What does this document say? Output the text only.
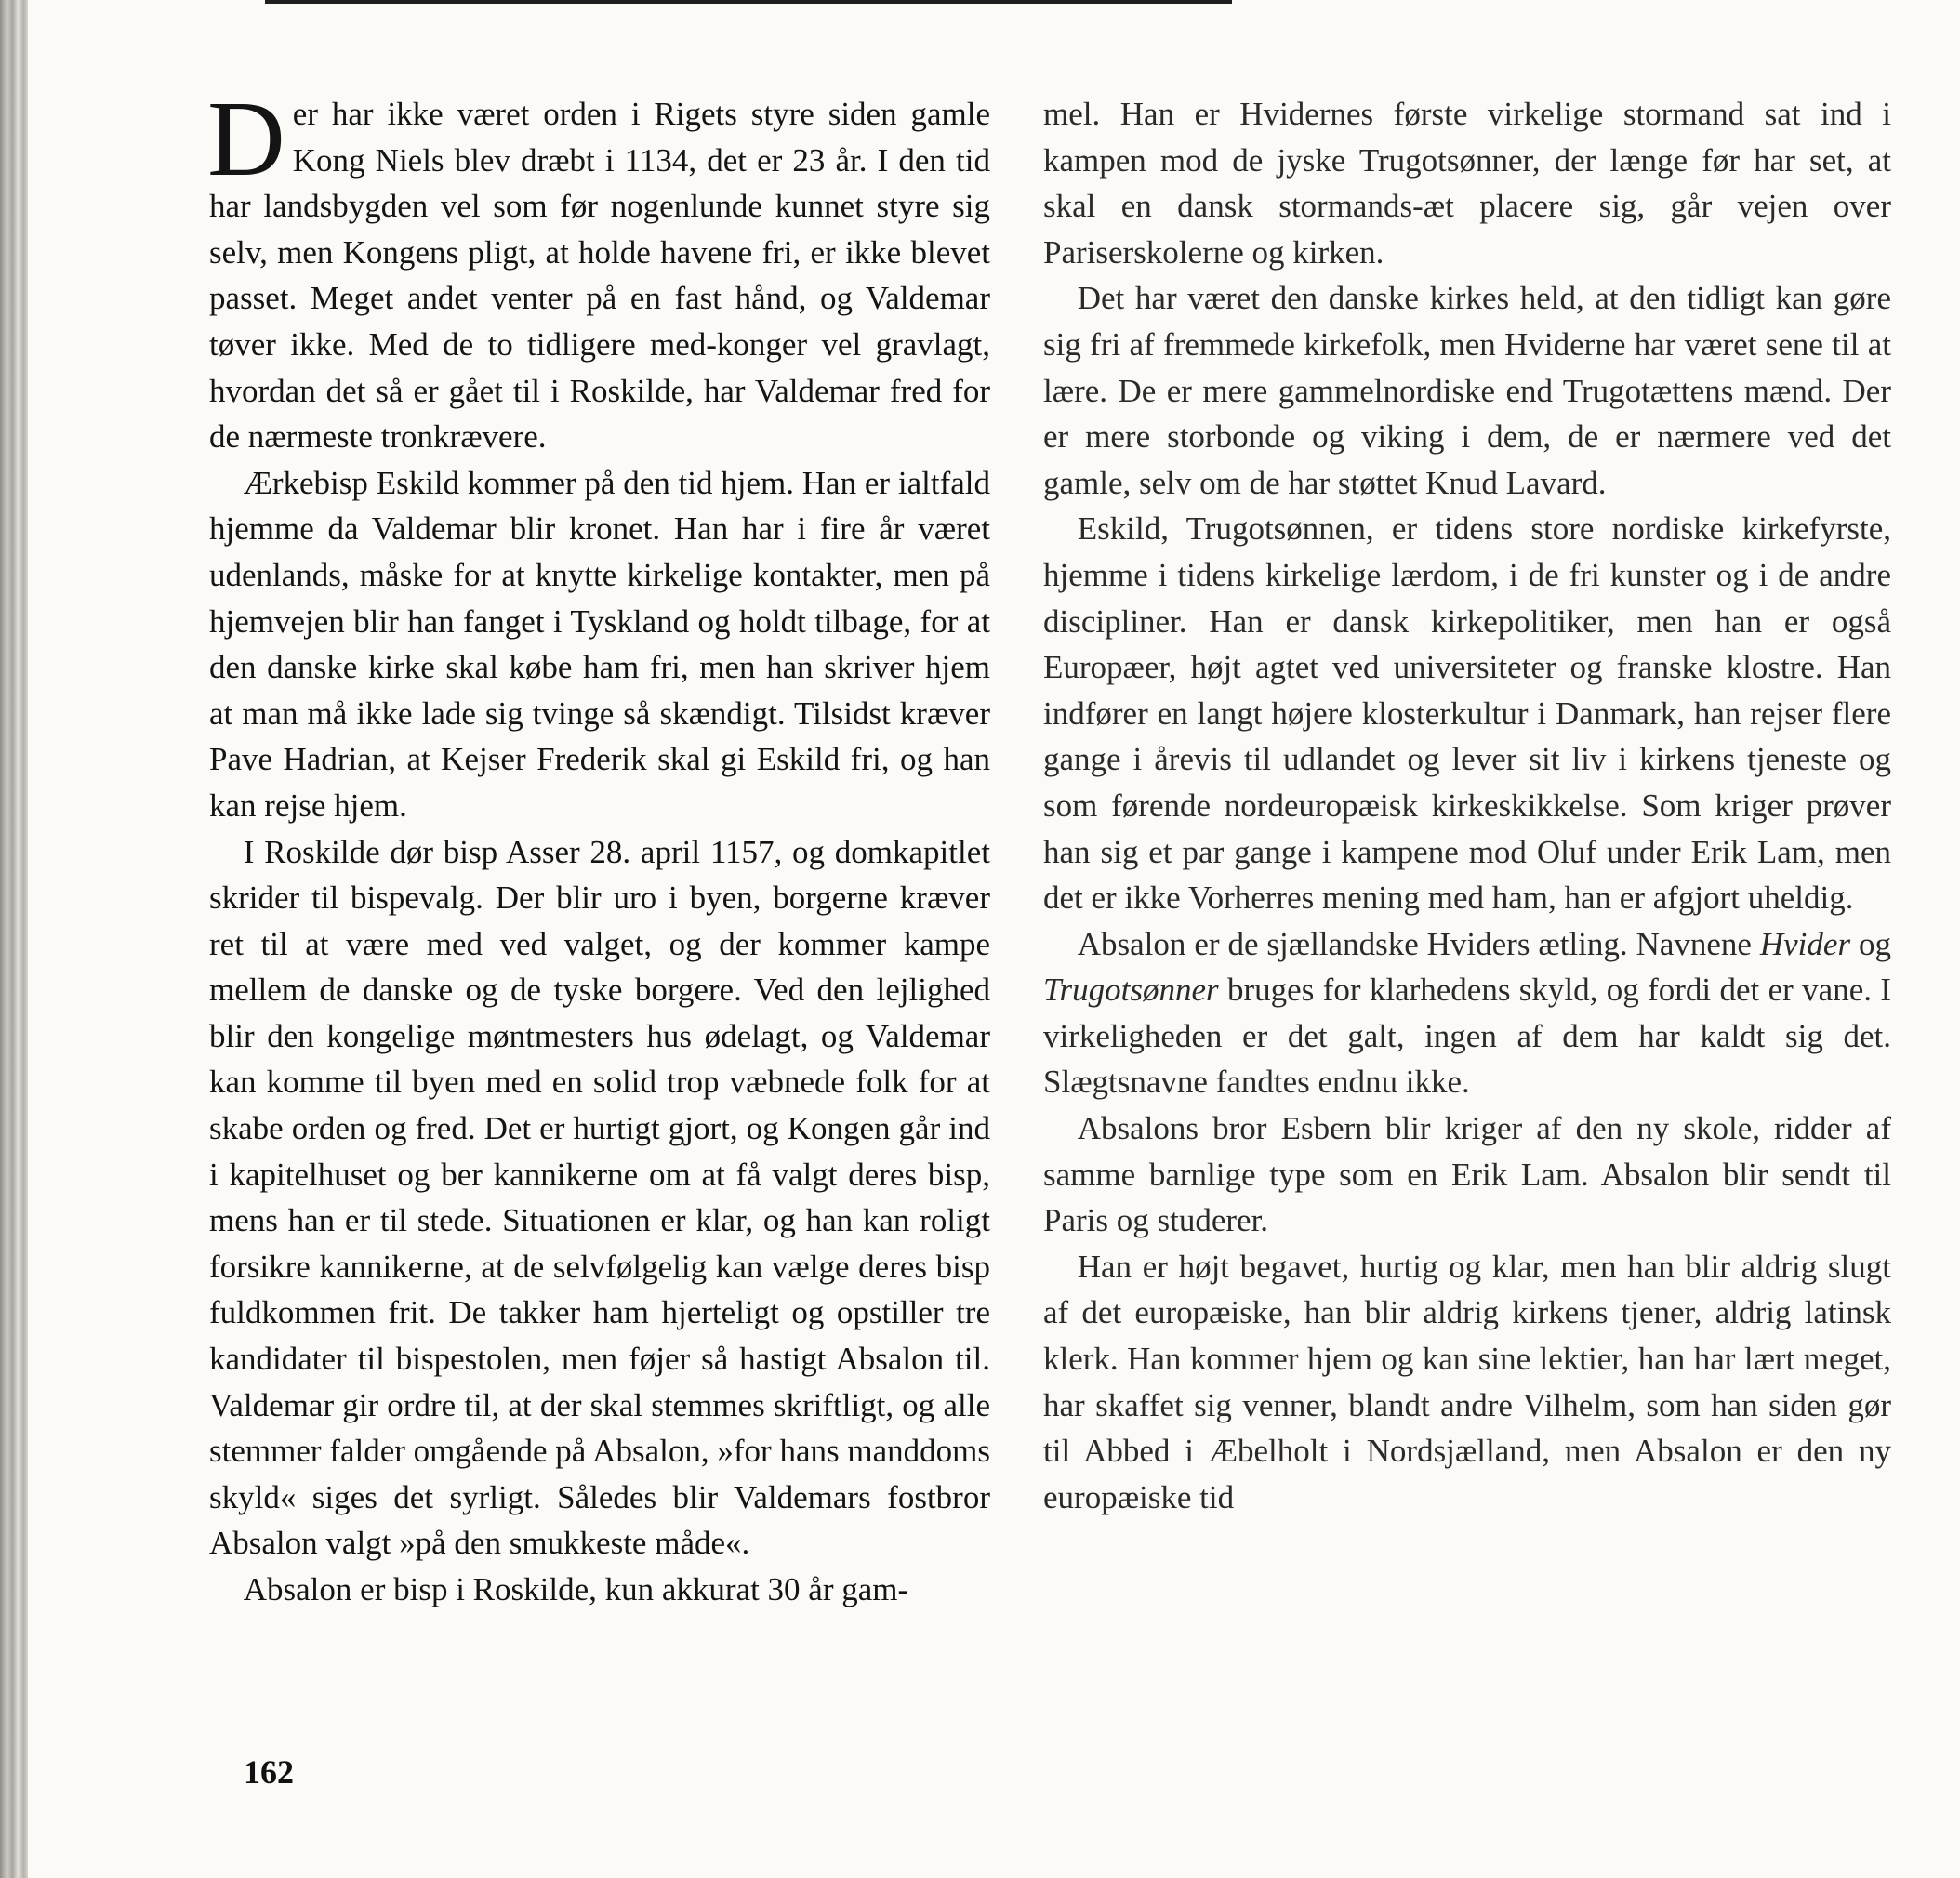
Der har ikke været orden i Rigets styre siden gamle Kong Niels blev dræbt i 1134, det er 23 år. I den tid har landsbygden vel som før nogenlunde kunnet styre sig selv, men Kongens pligt, at holde havene fri, er ikke blevet passet. Meget andet venter på en fast hånd, og Valdemar tøver ikke. Med de to tidligere med-konger vel gravlagt, hvordan det så er gået til i Roskilde, har Valdemar fred for de nærmeste tronkrævere.

Ærkebisp Eskild kommer på den tid hjem. Han er ialtfald hjemme da Valdemar blir kronet. Han har i fire år været udenlands, måske for at knytte kirkelige kontakter, men på hjemvejen blir han fanget i Tyskland og holdt tilbage, for at den danske kirke skal købe ham fri, men han skriver hjem at man må ikke lade sig tvinge så skændigt. Tilsidst kræver Pave Hadrian, at Kejser Frederik skal gi Eskild fri, og han kan rejse hjem.

I Roskilde dør bisp Asser 28. april 1157, og domkapitlet skrider til bispevalg. Der blir uro i byen, borgerne kræver ret til at være med ved valget, og der kommer kampe mellem de danske og de tyske borgere. Ved den lejlighed blir den kongelige møntmesters hus ødelagt, og Valdemar kan komme til byen med en solid trop væbnede folk for at skabe orden og fred. Det er hurtigt gjort, og Kongen går ind i kapitelhuset og ber kannikerne om at få valgt deres bisp, mens han er til stede. Situationen er klar, og han kan roligt forsikre kannikerne, at de selvfølgelig kan vælge deres bisp fuldkommen frit. De takker ham hjerteligt og opstiller tre kandidater til bispestolen, men føjer så hastigt Absalon til. Valdemar gir ordre til, at der skal stemmes skriftligt, og alle stemmer falder omgående på Absalon, »for hans manddoms skyld« siges det syrligt. Således blir Valdemars fostbror Absalon valgt »på den smukkeste måde«.

Absalon er bisp i Roskilde, kun akkurat 30 år gam-

mel. Han er Hvidernes første virkelige stormand sat ind i kampen mod de jyske Trugotsønner, der længe før har set, at skal en dansk stormands-æt placere sig, går vejen over Pariserskolerne og kirken.

Det har været den danske kirkes held, at den tidligt kan gøre sig fri af fremmede kirkefolk, men Hviderne har været sene til at lære. De er mere gammelnordiske end Trugotættens mænd. Der er mere storbonde og viking i dem, de er nærmere ved det gamle, selv om de har støttet Knud Lavard.

Eskild, Trugotsønnen, er tidens store nordiske kirkefyrste, hjemme i tidens kirkelige lærdom, i de fri kunster og i de andre discipliner. Han er dansk kirkepolitiker, men han er også Europæer, højt agtet ved universiteter og franske klostre. Han indfører en langt højere klosterkultur i Danmark, han rejser flere gange i årevis til udlandet og lever sit liv i kirkens tjeneste og som førende nordeuropæisk kirkeskikkelse. Som kriger prøver han sig et par gange i kampene mod Oluf under Erik Lam, men det er ikke Vorherres mening med ham, han er afgjort uheldig.

Absalon er de sjællandske Hviders ætling. Navnene Hvider og Trugotsønner bruges for klarhedens skyld, og fordi det er vane. I virkeligheden er det galt, ingen af dem har kaldt sig det. Slægtsnavne fandtes endnu ikke.

Absalons bror Esbern blir kriger af den ny skole, ridder af samme barnlige type som en Erik Lam. Absalon blir sendt til Paris og studerer.

Han er højt begavet, hurtig og klar, men han blir aldrig slugt af det europæiske, han blir aldrig kirkens tjener, aldrig latinsk klerk. Han kommer hjem og kan sine lektier, han har lært meget, har skaffet sig venner, blandt andre Vilhelm, som han siden gør til Abbed i Æbelholt i Nordsjælland, men Absalon er den ny europæiske tid

162
